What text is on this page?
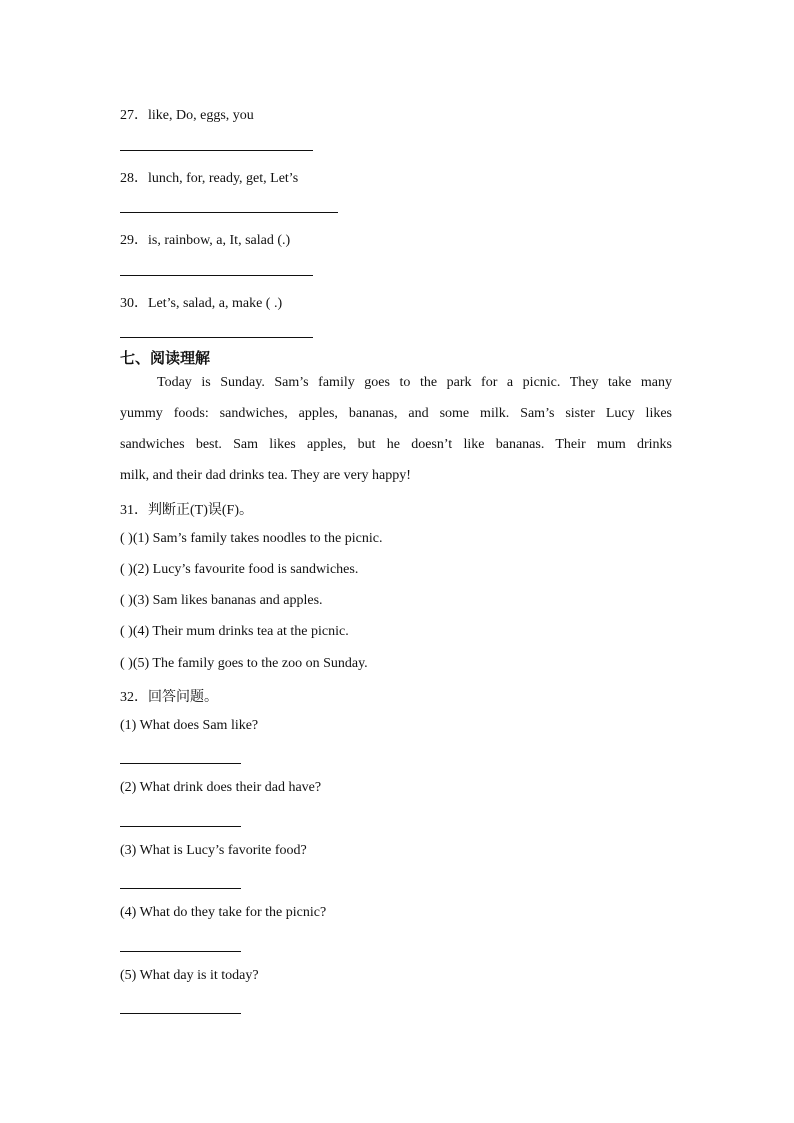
27．like, Do, eggs, you
28．lunch, for, ready, get, Let’s
29．is, rainbow, a, It, salad (.)
30．Let’s, salad, a, make ( .)
七、阅读理解
Today is Sunday. Sam’s family goes to the park for a picnic. They take many
yummy foods: sandwiches, apples, bananas, and some milk. Sam’s sister Lucy likes
sandwiches best. Sam likes apples, but he doesn’t like bananas. Their mum drinks
milk, and their dad drinks tea. They are very happy!
31．判断正(T)误(F)。
( )(1) Sam’s family takes noodles to the picnic.
( )(2) Lucy’s favourite food is sandwiches.
( )(3) Sam likes bananas and apples.
( )(4) Their mum drinks tea at the picnic.
( )(5) The family goes to the zoo on Sunday.
32．回答问题。
(1) What does Sam like?
(2) What drink does their dad have?
(3) What is Lucy’s favorite food?
(4) What do they take for the picnic?
(5) What day is it today?
